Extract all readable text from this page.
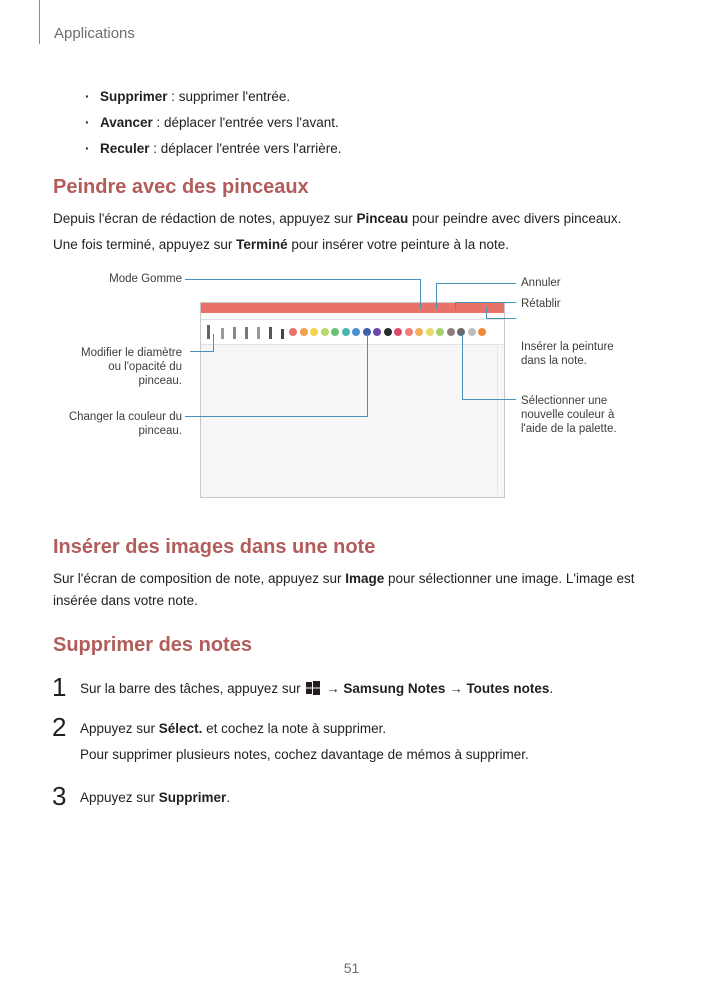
Applications
· Supprimer : supprimer l'entrée.
· Avancer : déplacer l'entrée vers l'avant.
· Reculer : déplacer l'entrée vers l'arrière.
Peindre avec des pinceaux
Depuis l'écran de rédaction de notes, appuyez sur Pinceau pour peindre avec divers pinceaux.
Une fois terminé, appuyez sur Terminé pour insérer votre peinture à la note.
Mode Gomme	Annuler
Rétablir
Modifier le diamètre
ou l'opacité du
pinceau.
Insérer la peinture
dans la note.
Changer la couleur du
pinceau.
Sélectionner une
nouvelle couleur à
l'aide de la palette.
Insérer des images dans une note
Sur l'écran de composition de note, appuyez sur Image pour sélectionner une image. L'image est
insérée dans votre note.
Supprimer des notes
1 Sur la barre des tâches, appuyez sur  → Samsung Notes → Toutes notes.
2 Appuyez sur Sélect. et cochez la note à supprimer.
Pour supprimer plusieurs notes, cochez davantage de mémos à supprimer.
3 Appuyez sur Supprimer.
51
